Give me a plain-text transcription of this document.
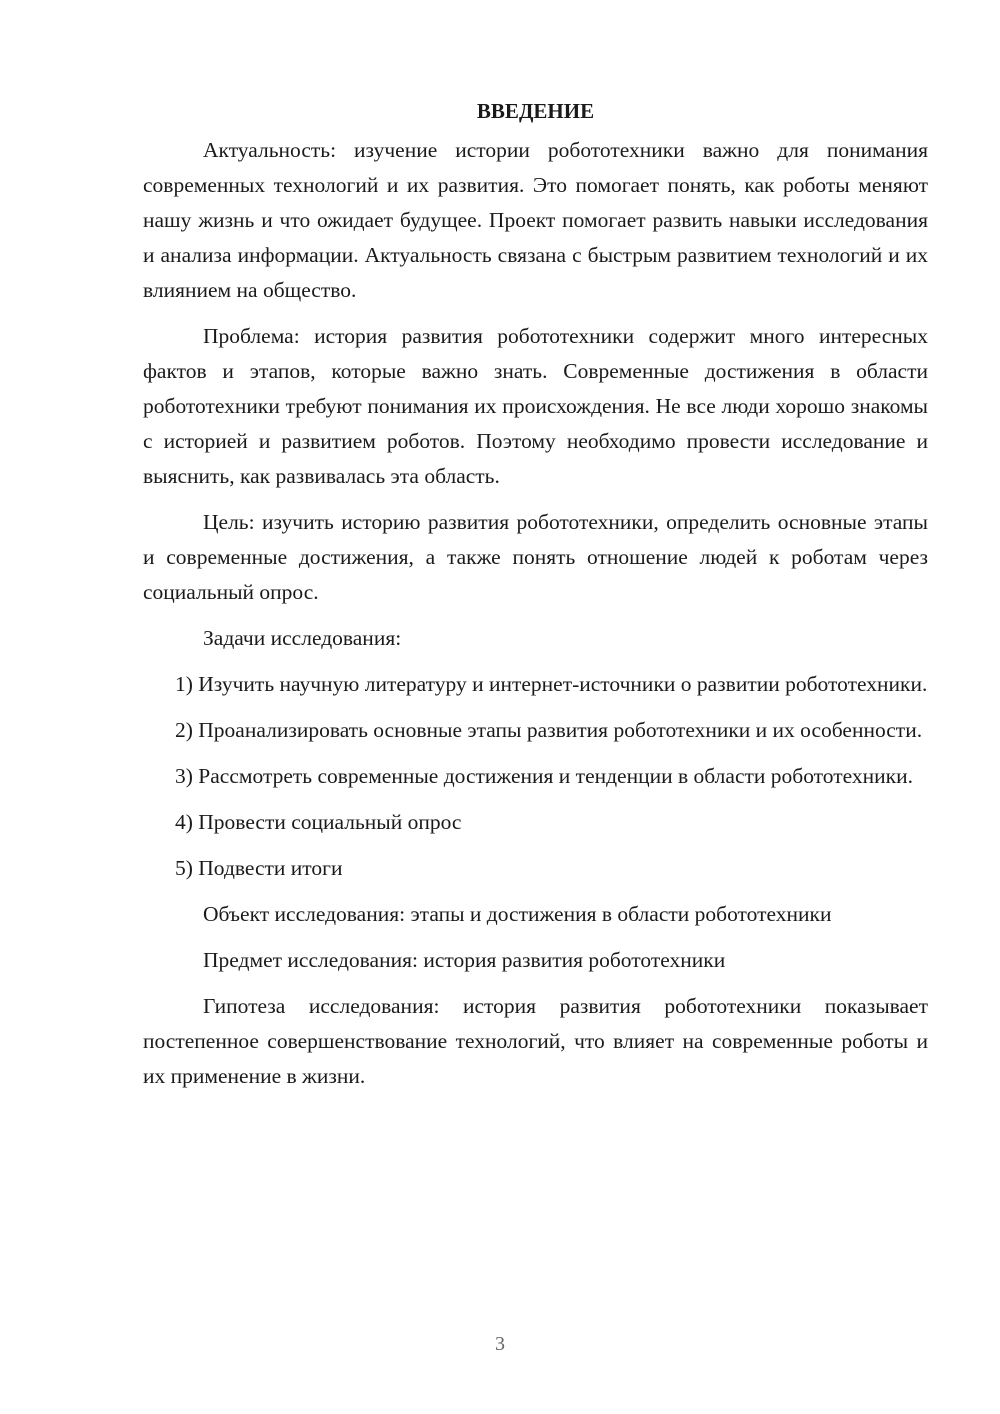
ВВЕДЕНИЕ

Актуальность: изучение истории робототехники важно для понимания современных технологий и их развития. Это помогает понять, как роботы меняют нашу жизнь и что ожидает будущее. Проект помогает развить навыки исследования и анализа информации. Актуальность связана с быстрым развитием технологий и их влиянием на общество.

Проблема: история развития робототехники содержит много интересных фактов и этапов, которые важно знать. Современные достижения в области робототехники требуют понимания их происхождения. Не все люди хорошо знакомы с историей и развитием роботов. Поэтому необходимо провести исследование и выяснить, как развивалась эта область.

Цель: изучить историю развития робототехники, определить основные этапы и современные достижения, а также понять отношение людей к роботам через социальный опрос.

Задачи исследования:

1) Изучить научную литературу и интернет-источники о развитии робототехники.

2) Проанализировать основные этапы развития робототехники и их особенности.

3) Рассмотреть современные достижения и тенденции в области робототехники.

4) Провести социальный опрос

5) Подвести итоги

Объект исследования: этапы и достижения в области робототехники

Предмет исследования: история развития робототехники

Гипотеза исследования: история развития робототехники показывает постепенное совершенствование технологий, что влияет на современные роботы и их применение в жизни.

3
